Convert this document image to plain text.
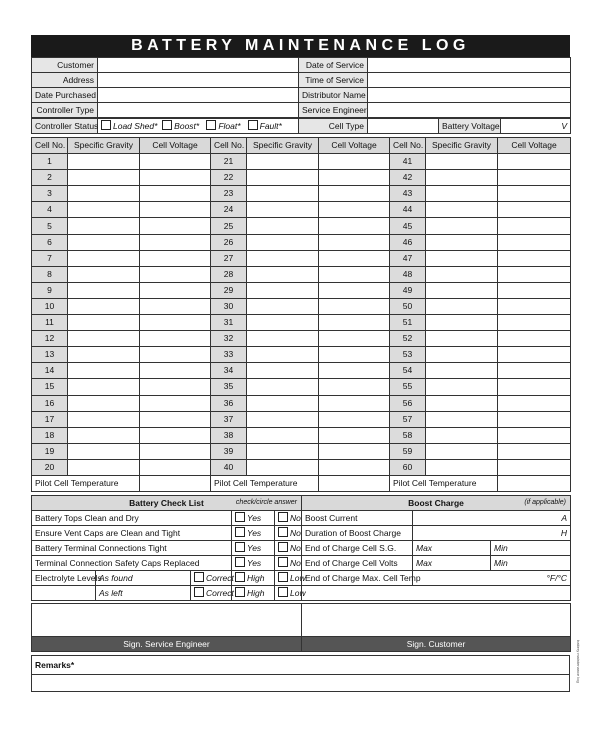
BATTERY MAINTENANCE LOG
Customer		Date of Service	
Address		Time of Service	
Date Purchased		Distributor Name	
Controller Type		Service Engineer	
Controller Status	Load Shed* Boost* Float* Fault*	Cell Type		Battery Voltage	V
Cell No.	Specific Gravity	Cell Voltage	Cell No.	Specific Gravity	Cell Voltage	Cell No.	Specific Gravity	Cell Voltage
1			21			41		
2			22			42		
3			23			43		
4			24			44		
5			25			45		
6			26			46		
7			27			47		
8			28			48		
9			29			49		
10			30			50		
11			31			51		
12			32			52		
13			33			53		
14			34			54		
15			35			55		
16			36			56		
17			37			57		
18			38			58		
19			39			59		
20			40			60		
Pilot Cell Temperature			Pilot Cell Temperature			Pilot Cell Temperature		
Battery Check List check/circle answer					Boost Charge (if applicable)		

Battery Tops Clean and Dry			Yes	No	Boost Current	A	
Ensure Vent Caps are Clean and Tight			Yes	No	Duration of Boost Charge	H	
Battery Terminal Connections Tight			Yes	No	End of Charge Cell S.G.	Max	Min
Terminal Connection Safety Caps Replaced			Yes	No	End of Charge Cell Volts	Max	Min
Electrolyte Levels	As found	Correct	High	Low	End of Charge Max. Cell Temp	°F/°C	
	As left	Correct	High	Low			

Sign. Service Engineer	Sign. Customer
Remarks*	battery maintenance log
